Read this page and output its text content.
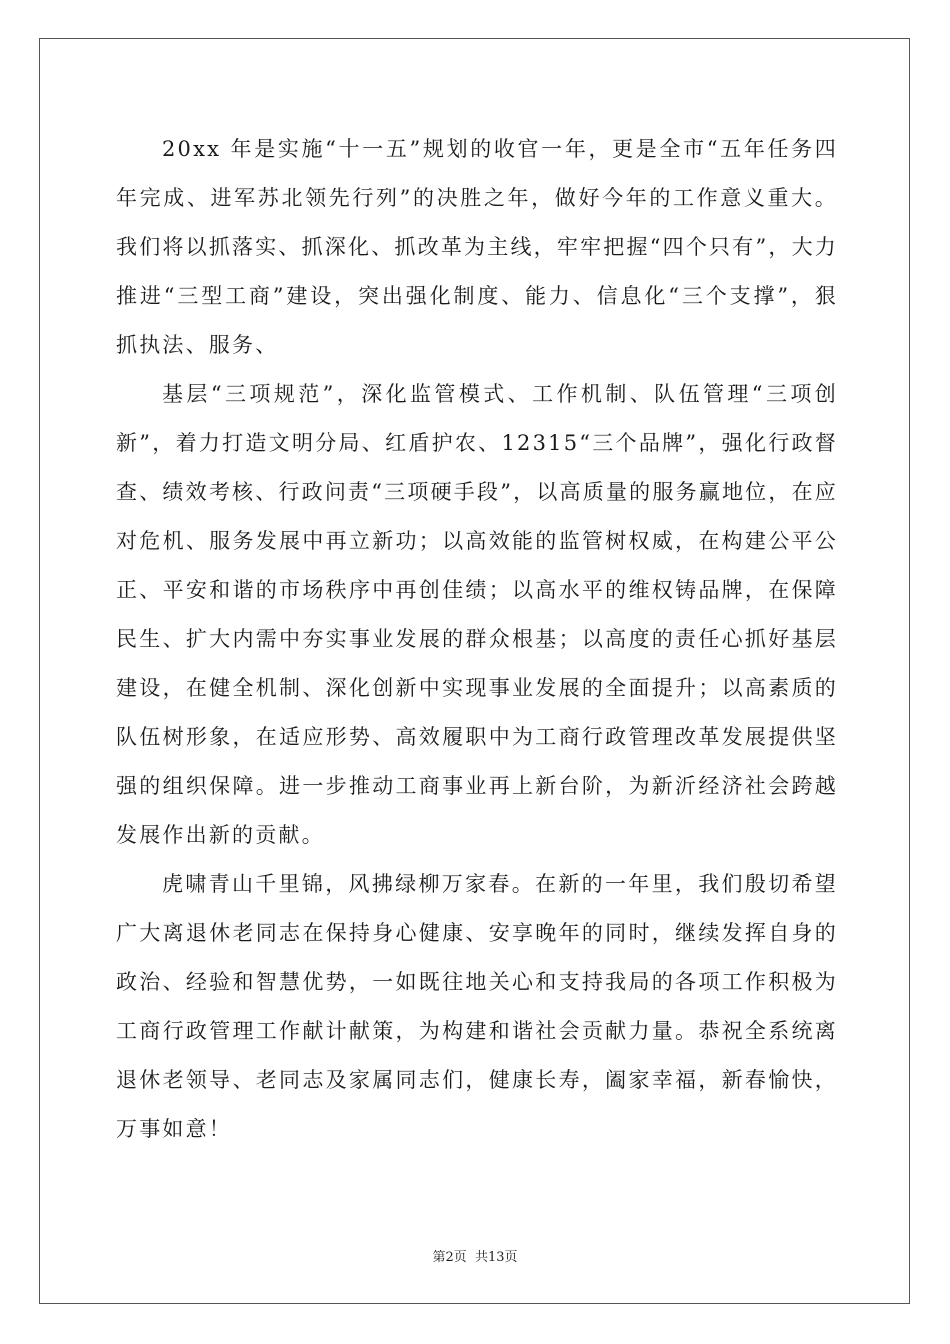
20xx 年是实施“十一五”规划的收官一年，更是全市“五年任务四年完成、进军苏北领先行列”的决胜之年，做好今年的工作意义重大。我们将以抓落实、抓深化、抓改革为主线，牢牢把握“四个只有”，大力推进“三型工商”建设，突出强化制度、能力、信息化“三个支撑”，狠抓执法、服务、

基层“三项规范”，深化监管模式、工作机制、队伍管理“三项创新”，着力打造文明分局、红盾护农、12315“三个品牌”，强化行政督查、绩效考核、行政问责“三项硬手段”，以高质量的服务赢地位，在应对危机、服务发展中再立新功；以高效能的监管树权威，在构建公平公正、平安和谐的市场秩序中再创佳绩；以高水平的维权铸品牌，在保障民生、扩大内需中夯实事业发展的群众根基；以高度的责任心抓好基层建设，在健全机制、深化创新中实现事业发展的全面提升；以高素质的队伍树形象，在适应形势、高效履职中为工商行政管理改革发展提供坚强的组织保障。进一步推动工商事业再上新台阶，为新沂经济社会跨越发展作出新的贡献。

虎啸青山千里锦，风拂绿柳万家春。在新的一年里，我们殷切希望广大离退休老同志在保持身心健康、安享晚年的同时，继续发挥自身的政治、经验和智慧优势，一如既往地关心和支持我局的各项工作积极为工商行政管理工作献计献策，为构建和谐社会贡献力量。恭祝全系统离退休老领导、老同志及家属同志们，健康长寿，阖家幸福，新春愉快，万事如意！

第2页 共13页
